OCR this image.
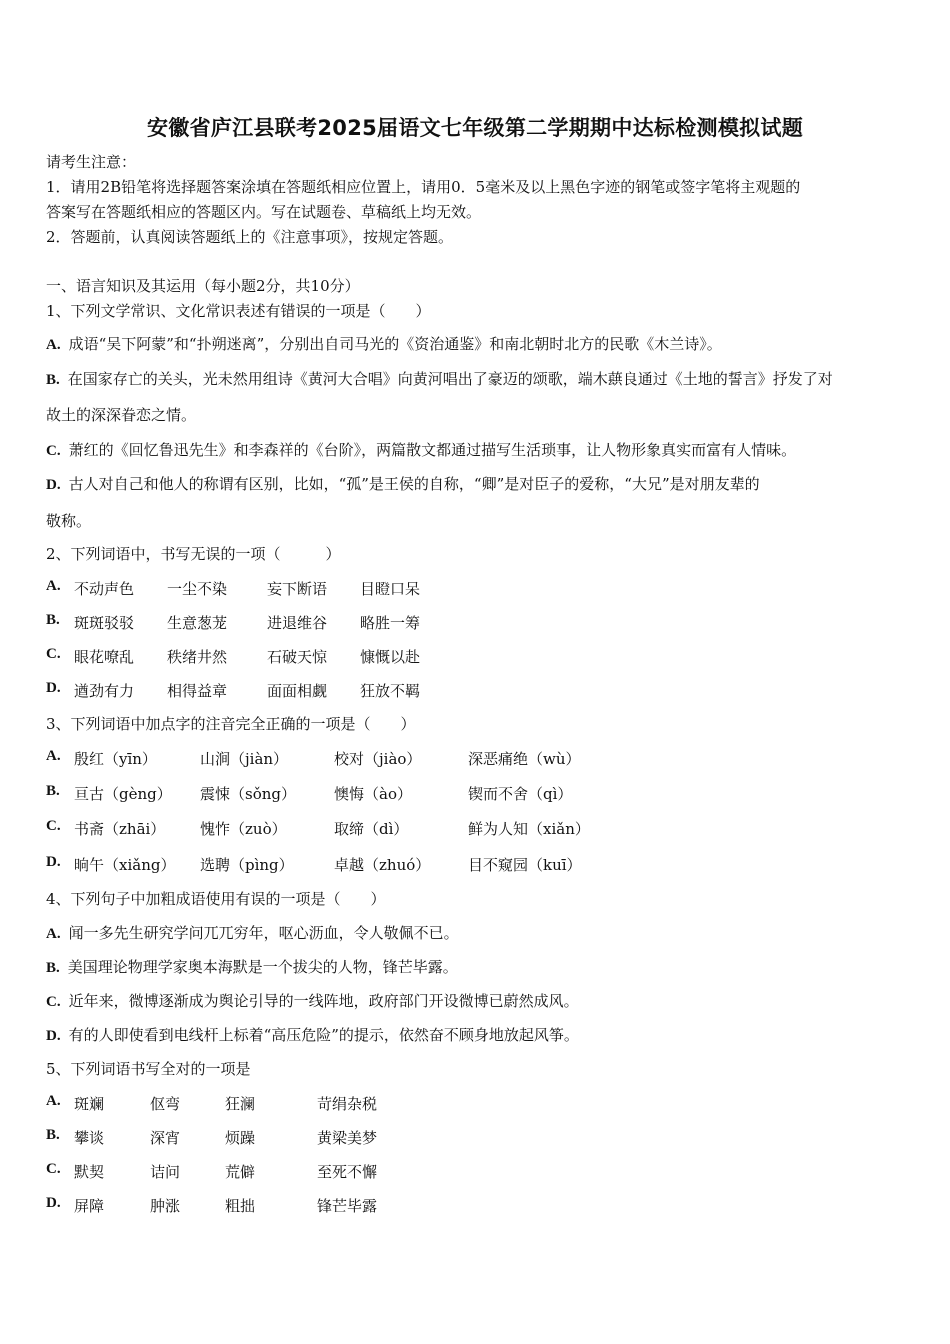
安徽省庐江县联考2025届语文七年级第二学期期中达标检测模拟试题
请考生注意：
1．请用2B铅笔将选择题答案涂填在答题纸相应位置上，请用0．5毫米及以上黑色字迹的钢笔或签字笔将主观题的
答案写在答题纸相应的答题区内。写在试题卷、草稿纸上均无效。
2．答题前，认真阅读答题纸上的《注意事项》，按规定答题。
一、语言知识及其运用（每小题2分，共10分）
1、下列文学常识、文化常识表述有错误的一项是（　　）
A. 成语“吴下阿蒙”和“扑朔迷离”，分别出自司马光的《资治通鉴》和南北朝时北方的民歌《木兰诗》。
B. 在国家存亡的关头，光未然用组诗《黄河大合唱》向黄河唱出了豪迈的颂歌，端木蕻良通过《土地的誓言》抒发了对
故土的深深眷恋之情。
C. 萧红的《回忆鲁迅先生》和李森祥的《台阶》，两篇散文都通过描写生活琐事，让人物形象真实而富有人情味。
D. 古人对自己和他人的称谓有区别，比如，“孤”是王侯的自称，“卿”是对臣子的爱称，“大兄”是对朋友辈的
敬称。
2、下列词语中，书写无误的一项（　　　）
A. 不动声色 一尘不染	妄下断语 目瞪口呆
B. 斑斑驳驳 生意葱茏	进退维谷 略胜一筹
C. 眼花嘹乱 秩绪井然	石破天惊 慷慨以赴
D. 遒劲有力 相得益章	面面相觑 狂放不羁
3、下列词语中加点字的注音完全正确的一项是（　　）
A. 殷红（yīn）	山涧（jiàn）	校对（jiào）	深恶痛绝（wù）
B. 亘古（gèng） 震悚（sǒng）	懊悔（ào）	锲而不舍（qì）
C. 书斋（zhāi） 愧怍（zuò）	取缔（dì）	鲜为人知（xiǎn）
D. 晌午（xiǎng） 选聘（pìng）	卓越（zhuó）	目不窥园（kuī）
4、下列句子中加粗成语使用有误的一项是（　　）
A. 闻一多先生研究学问兀兀穷年，呕心沥血，令人敬佩不已。
B. 美国理论物理学家奥本海默是一个拔尖的人物，锋芒毕露。
C. 近年来，微博逐渐成为舆论引导的一线阵地，政府部门开设微博已蔚然成风。
D. 有的人即使看到电线杆上标着“高压危险”的提示，依然奋不顾身地放起风筝。
5、下列词语书写全对的一项是
A. 斑斓	伛弯	狂澜	苛绢杂税
B. 攀谈	深宵	烦躁	黄梁美梦
C. 默契	诘问	荒僻	至死不懈
D. 屏障	肿涨	粗拙	锋芒毕露
